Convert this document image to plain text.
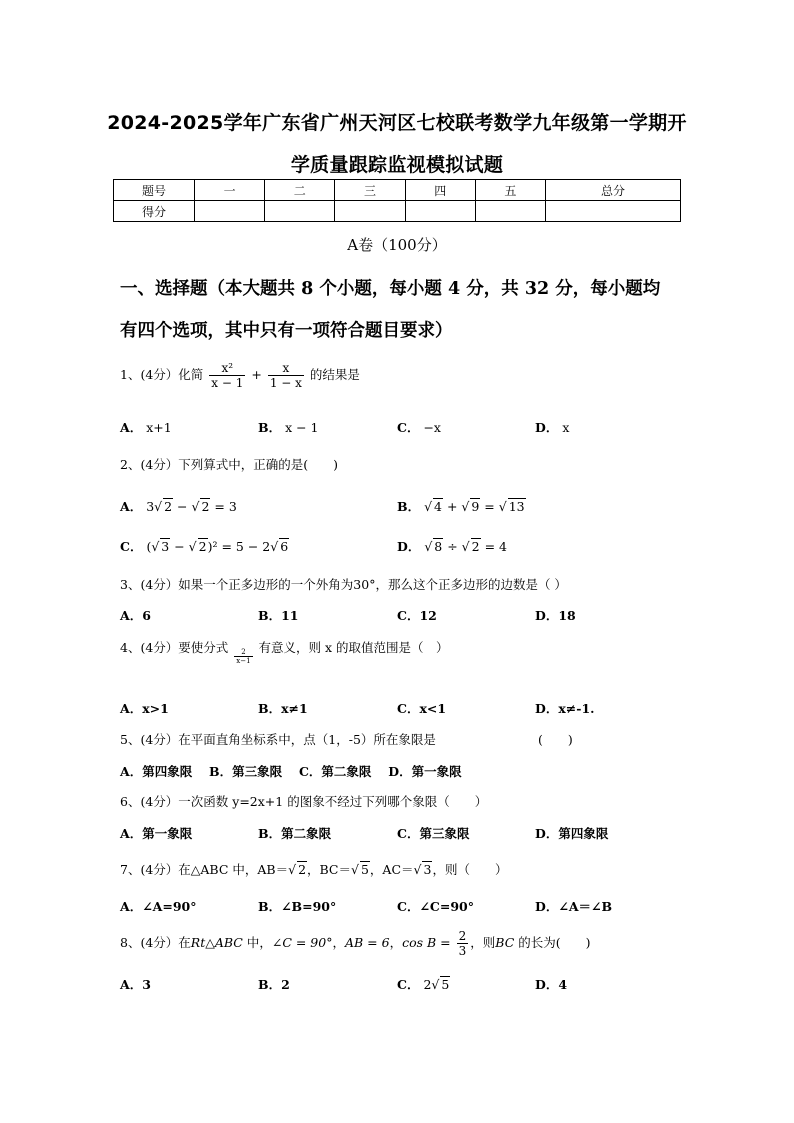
2024-2025学年广东省广州天河区七校联考数学九年级第一学期开
学质量跟踪监视模拟试题
题号	一	二	三	四	五	总分
得分						
A卷（100分）
一、选择题（本大题共 8 个小题，每小题 4 分，共 32 分，每小题均
有四个选项，其中只有一项符合题目要求）
1、(4分）化简 $\frac{\text{x²}}{x - 1} + \frac{x}{1 - x}$ 的结果是
A． x+1	B． x − 1	C． −x	D． x
2、(4分）下列算式中，正确的是(　　)
A． 3 √ 2 − √ 2 = 3	B． √ 4 + √ 9 = √ 13
C． ( √ 3 − √ 2)² = 5 − 2 √ 6	D． √ 8 ÷ √ 2 = 4
3、(4分）如果一个正多边形的一个外角为30°，那么这个正多边形的边数是（ ）
A．6	B．11	C．12	D．18
4、(4分）要使分式
$\frac{2}{x-1}$
有意义，则 x 的取值范围是（　）
A．x>1	B．x≠1	C．x<1	D．x≠-1.
5、(4分）在平面直角坐标系中，点（1，-5）所在象限是	(　　)
A．第四象限　 B．第三象限　 C．第二象限　 D．第一象限
6、(4分）一次函数 y=2x+1 的图象不经过下列哪个象限（　　）
A．第一象限	B．第二象限	C．第三象限	D．第四象限
7、(4分）在△ABC 中，AB＝ √ 2，BC＝ √ 5，AC＝ √ 3，则（　　）
A．∠A=90°	B．∠B=90°	C．∠C=90°	D．∠A＝∠B
8、(4分）在Rt△ABC 中，∠C = 90°，AB = 6，$\cos B = \frac{2}{3}$ ，则BC 的长为(　　)
A．3	B．2	C． 2 √ 5	D．4
